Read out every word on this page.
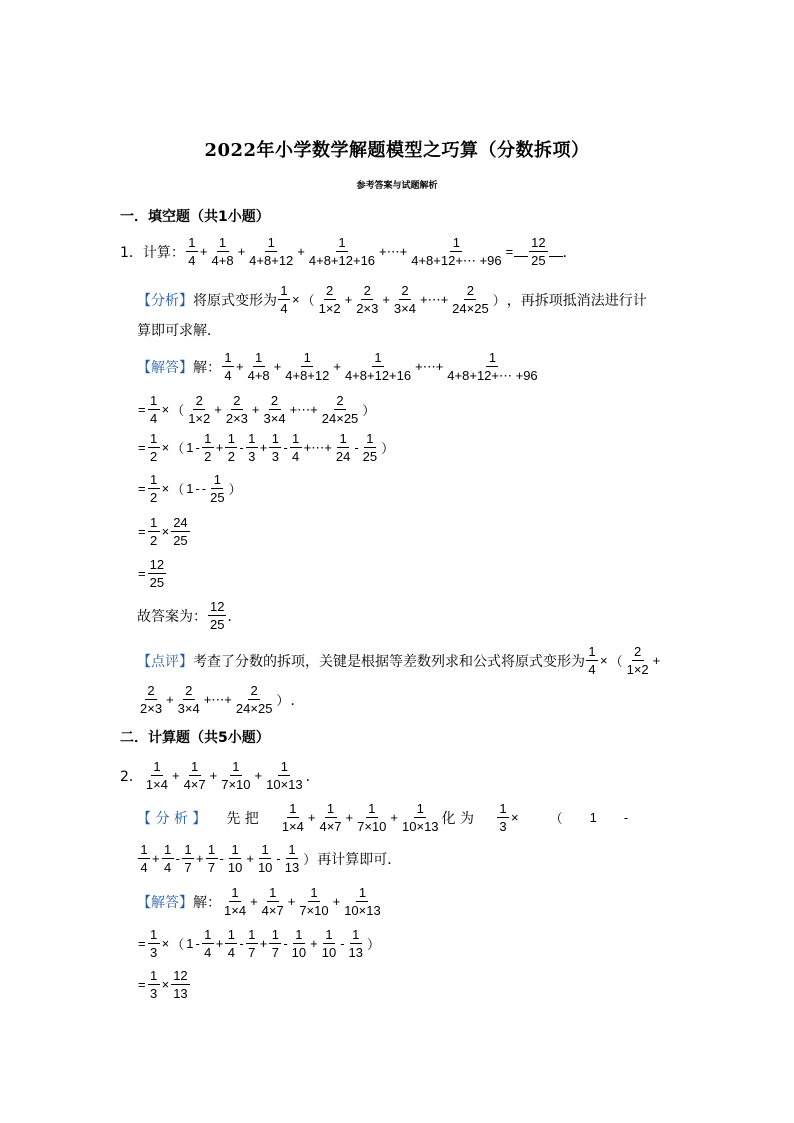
2022年小学数学解题模型之巧算（分数拆项）
参考答案与试题解析
一．填空题（共1小题）
1． 计算： $\frac{1}{4} + \frac{1}{4+8} + \frac{1}{4+8+12} + \frac{1}{4+8+12+16}$ +⋯+ $\frac{1}{4+8+12+\cdots +96} = \frac{12}{25}$ ．
【分析】 将原式变形为 $\frac{1}{4}$ × （ $\frac{2}{1\times 2} + \frac{2}{2\times 3} + \frac{2}{3\times 4}$ +⋯+ $\frac{2}{24\times 25}$ ） ，再拆项抵消法进行计
算即可求解．
【解答】 解： $\frac{1}{4} + \frac{1}{4+8} + \frac{1}{4+8+12} + \frac{1}{4+8+12+16}$ +⋯+ $\frac{1}{4+8+12+\cdots +96}$
= $\frac{1}{4}$ × （ $\frac{2}{1\times 2} + \frac{2}{2\times 3} + \frac{2}{3\times 4}$ +⋯+ $\frac{2}{24\times 25}$ ）
= $\frac{1}{2}$ × （ $1 - \frac{1}{2} + \frac{1}{2} - \frac{1}{3} + \frac{1}{3} - \frac{1}{4}$ +⋯+ $\frac{1}{24} - \frac{1}{25}$ ）
= $\frac{1}{2}$ × （ 1 - - $\frac{1}{25}$ ）
= $\frac{1}{2} \times \frac{24}{25}$
= $\frac{12}{25}$
故答案为： $\frac{12}{25}$ ．
【点评】 考查了分数的拆项，关键是根据等差数列求和公式将原式变形为 $\frac{1}{4}$ × （ $\frac{2}{1\times 2}$ +
$\frac{2}{2\times 3} + \frac{2}{3\times 4}$ +⋯+ $\frac{2}{24\times 25}$ ） ．
二．计算题（共5小题）
2． $\frac{1}{1\times 4} + \frac{1}{4\times 7} + \frac{1}{7\times 10} + \frac{1}{10\times 13}$ ．
【 分 析 】 先 把 $\frac{1}{1\times 4} + \frac{1}{4\times 7} + \frac{1}{7\times 10} + \frac{1}{10\times 13}$ 化 为 $\frac{1}{3}$ × （ 1 -
$\frac{1}{4} + \frac{1}{4} - \frac{1}{7} + \frac{1}{7} - \frac{1}{10} + \frac{1}{10} - \frac{1}{13}$ ） 再计算即可．
【解答】 解： $\frac{1}{1\times 4} + \frac{1}{4\times 7} + \frac{1}{7\times 10} + \frac{1}{10\times 13}$
= $\frac{1}{3}$ × （ $1 - \frac{1}{4} + \frac{1}{4} - \frac{1}{7} + \frac{1}{7} - \frac{1}{10} + \frac{1}{10} - \frac{1}{13}$ ）
= $\frac{1}{3} \times \frac{12}{13}$
